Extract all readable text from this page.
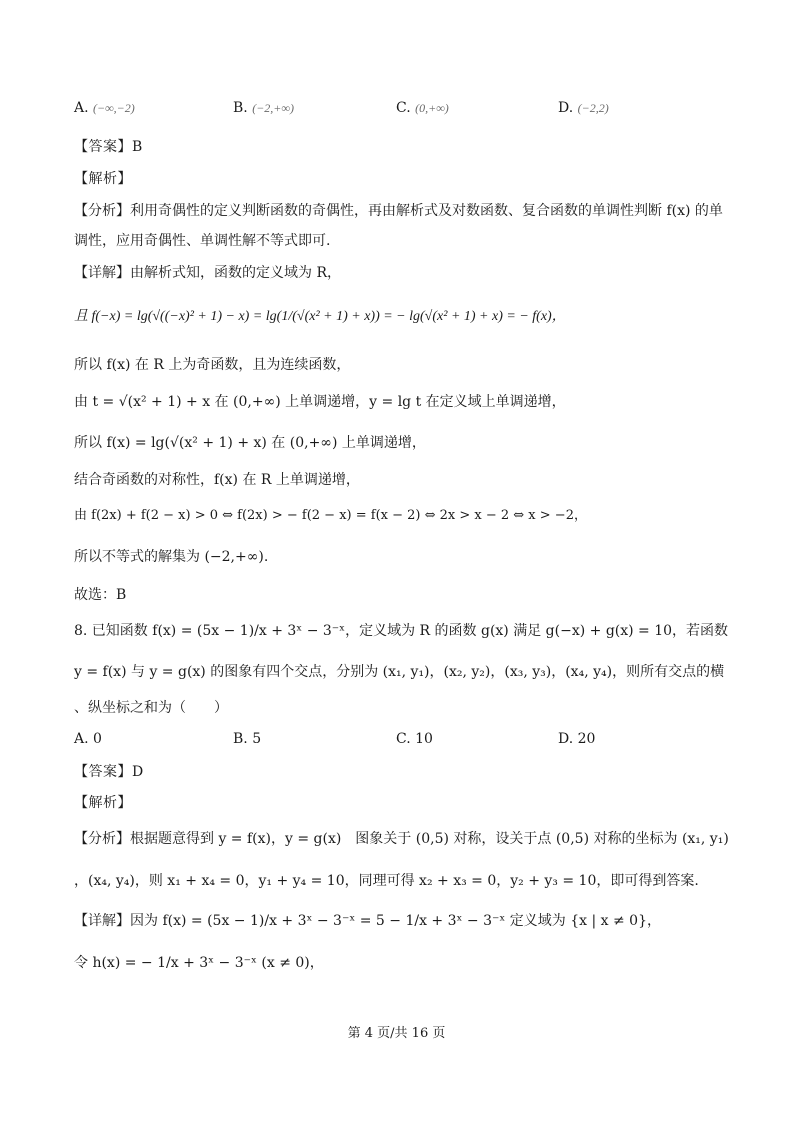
A. (−∞,−2)	B. (−2,+∞)	C. (0,+∞)	D. (−2,2)
【答案】B
【解析】
【分析】利用奇偶性的定义判断函数的奇偶性，再由解析式及对数函数、复合函数的单调性判断 f(x) 的单
调性，应用奇偶性、单调性解不等式即可.
【详解】由解析式知，函数的定义域为 R，
且 f(−x) = lg(√((−x)² + 1) − x) = lg(1/(√(x² + 1) + x)) = − lg(√(x² + 1) + x) = − f(x)，
所以 f(x) 在 R 上为奇函数，且为连续函数，
由 t = √(x² + 1) + x 在 (0,+∞) 上单调递增，y = lg t 在定义域上单调递增，
所以 f(x) = lg(√(x² + 1) + x) 在 (0,+∞) 上单调递增，
结合奇函数的对称性，f(x) 在 R 上单调递增，
由 f(2x) + f(2 − x) > 0 ⇔ f(2x) > − f(2 − x) = f(x − 2) ⇔ 2x > x − 2 ⇔ x > −2，
所以不等式的解集为 (−2,+∞).
故选：B
8. 已知函数 f(x) = (5x − 1)/x + 3ˣ − 3⁻ˣ，定义域为 R 的函数 g(x) 满足 g(−x) + g(x) = 10，若函数
y = f(x) 与 y = g(x) 的图象有四个交点，分别为 (x₁, y₁)，(x₂, y₂)，(x₃, y₃)，(x₄, y₄)，则所有交点的横
、纵坐标之和为（　　）
A. 0	B. 5	C. 10	D. 20
【答案】D
【解析】
【分析】根据题意得到 y = f(x)，y = g(x)　图象关于 (0,5) 对称，设关于点 (0,5) 对称的坐标为 (x₁, y₁)
，(x₄, y₄)，则 x₁ + x₄ = 0，y₁ + y₄ = 10，同理可得 x₂ + x₃ = 0，y₂ + y₃ = 10，即可得到答案.
【详解】因为 f(x) = (5x − 1)/x + 3ˣ − 3⁻ˣ = 5 − 1/x + 3ˣ − 3⁻ˣ 定义域为 {x | x ≠ 0}，
令 h(x) = − 1/x + 3ˣ − 3⁻ˣ (x ≠ 0)，
第 4 页/共 16 页
